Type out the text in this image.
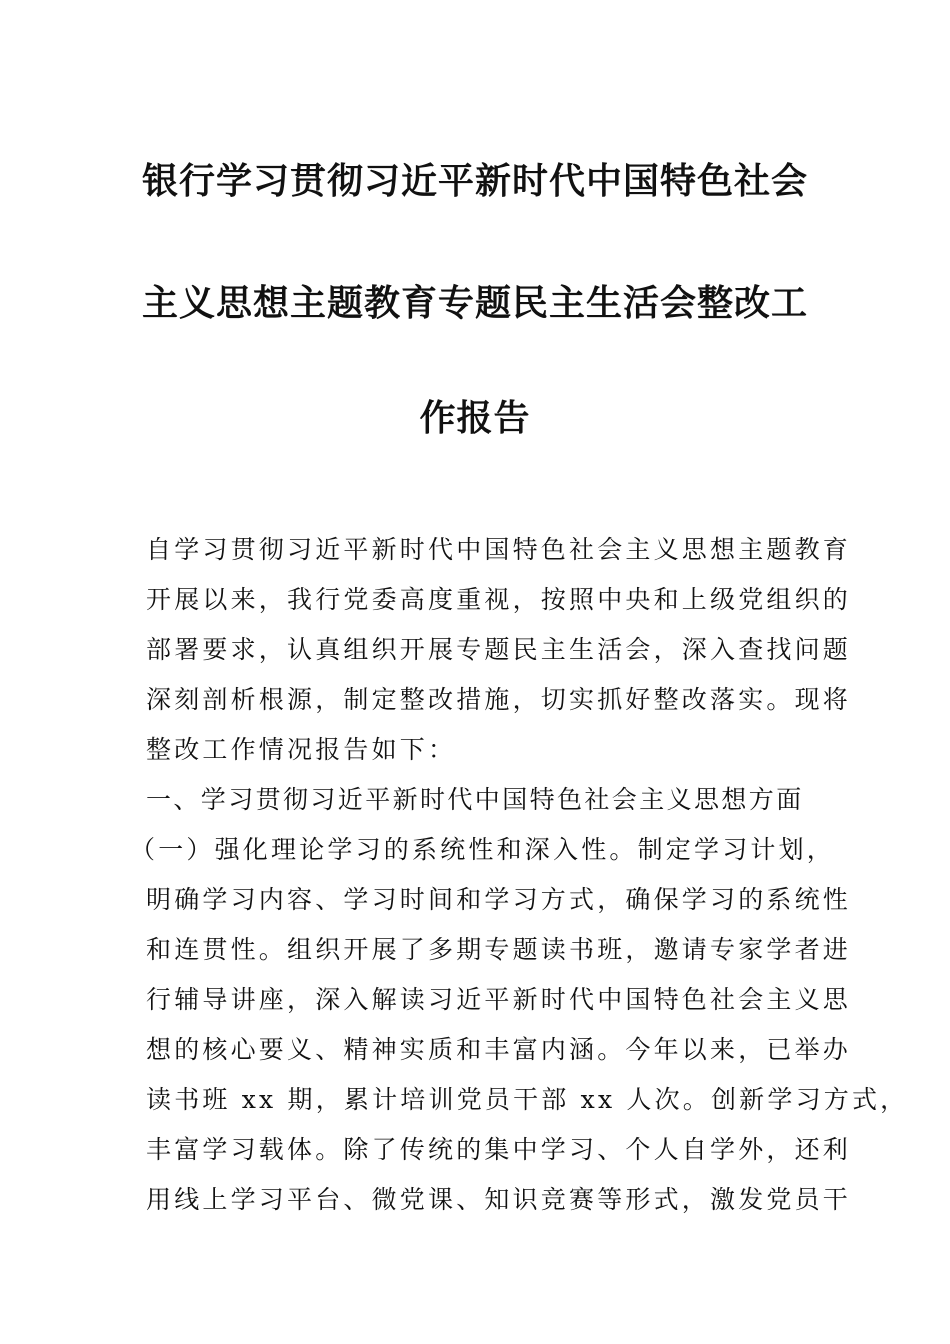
银行学习贯彻习近平新时代中国特色社会
主义思想主题教育专题民主生活会整改工
作报告
自学习贯彻习近平新时代中国特色社会主义思想主题教育
开展以来，我行党委高度重视，按照中央和上级党组织的
部署要求，认真组织开展专题民主生活会，深入查找问题
深刻剖析根源，制定整改措施，切实抓好整改落实。现将
整改工作情况报告如下：
一、学习贯彻习近平新时代中国特色社会主义思想方面
（一）强化理论学习的系统性和深入性。制定学习计划，
明确学习内容、学习时间和学习方式，确保学习的系统性
和连贯性。组织开展了多期专题读书班，邀请专家学者进
行辅导讲座，深入解读习近平新时代中国特色社会主义思
想的核心要义、精神实质和丰富内涵。今年以来，已举办
读书班 xx 期，累计培训党员干部 xx 人次。创新学习方式，
丰富学习载体。除了传统的集中学习、个人自学外，还利
用线上学习平台、微党课、知识竞赛等形式，激发党员干
